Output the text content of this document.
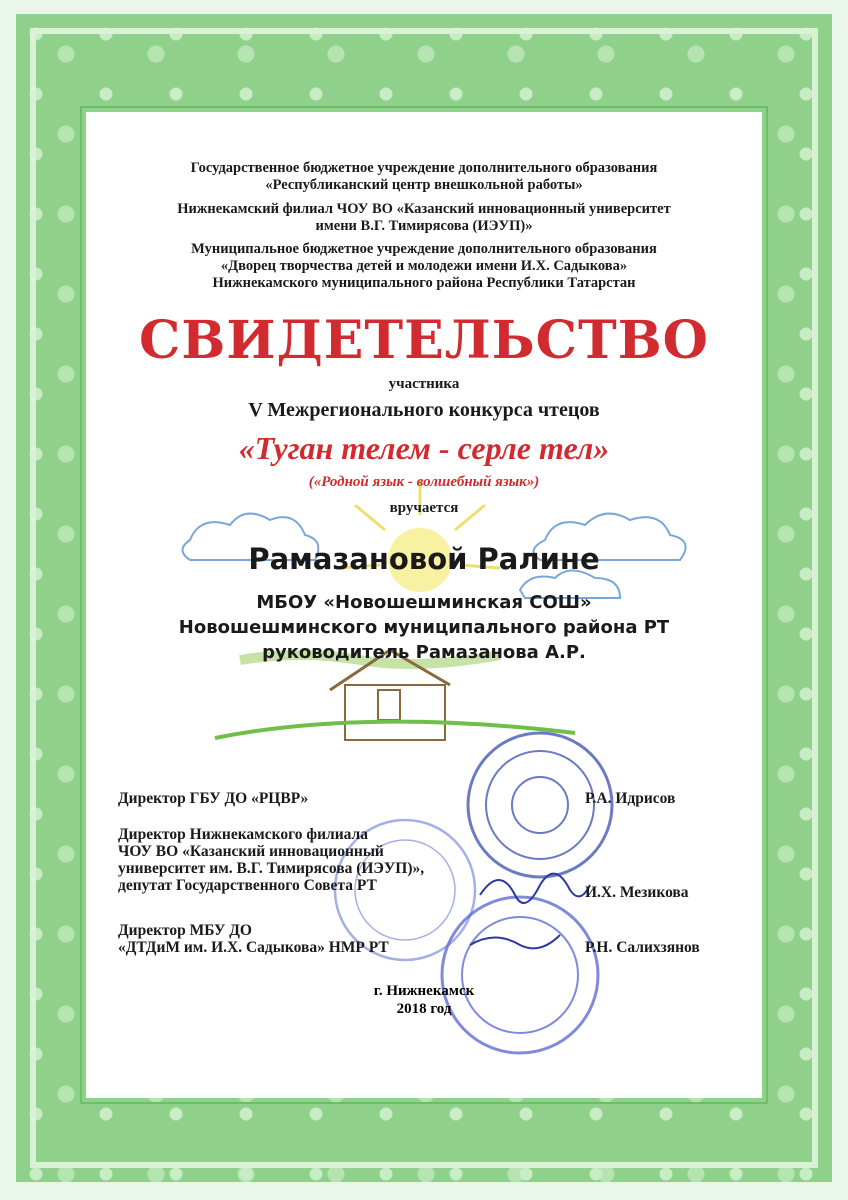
Государственное бюджетное учреждение дополнительного образования
«Республиканский центр внешкольной работы»
Нижнекамский филиал ЧОУ ВО «Казанский инновационный университет
имени В.Г. Тимирясова (ИЭУП)»
Муниципальное бюджетное учреждение дополнительного образования
«Дворец творчества детей и молодежи имени И.Х. Садыкова»
Нижнекамского муниципального района Республики Татарстан
СВИДЕТЕЛЬСТВО
участника
V Межрегионального конкурса чтецов
«Туган телем - серле тел»
(«Родной язык - волшебный язык»)
вручается
Рамазановой Ралине
МБОУ «Новошешминская СОШ»
Новошешминского муниципального района РТ
руководитель Рамазанова А.Р.
Директор ГБУ ДО «РЦВР»	Р.А. Идрисов
Директор Нижнекамского филиала
ЧОУ ВО «Казанский инновационный
университет им. В.Г. Тимирясова (ИЭУП)»,
депутат Государственного Совета РТ	И.Х. Мезикова
Директор МБУ ДО
«ДТДиМ им. И.Х. Садыкова» НМР РТ	Р.Н. Салихзянов
г. Нижнекамск
2018 год
